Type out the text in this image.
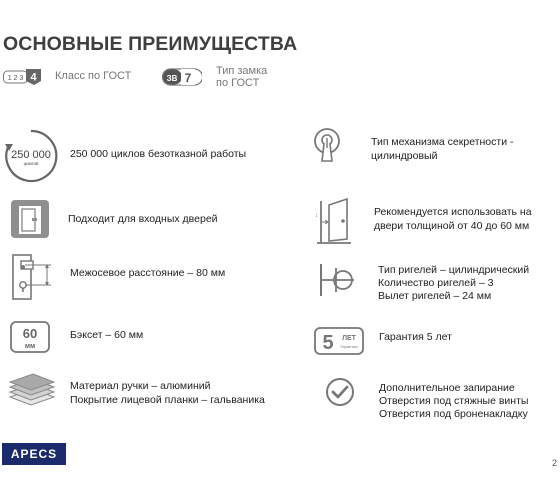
ОСНОВНЫЕ ПРЕИМУЩЕСТВА
1 2 3 4 Класс по ГОСТ	ЗВ 7 Тип замка
по ГОСТ
250 000
циклов
250 000 циклов безотказной работы
Подходит для входных дверей
Межосевое расстояние – 80 мм
60
мм
Бэксет – 60 мм
Материал ручки – алюминий
Покрытие лицевой планки – гальваника
Тип механизма секретности -
цилиндровый
↕	Рекомендуется использовать на
двери толщиной от 40 до 60 мм
Тип ригелей – цилиндрический
Количество ригелей – 3
Вылет ригелей – 24 мм
5 ЛЕТ
Гарантия
Гарантия 5 лет
Дополнительное запирание
Отверстия под стяжные винты
Отверстия под броненакладку
APECS
2
